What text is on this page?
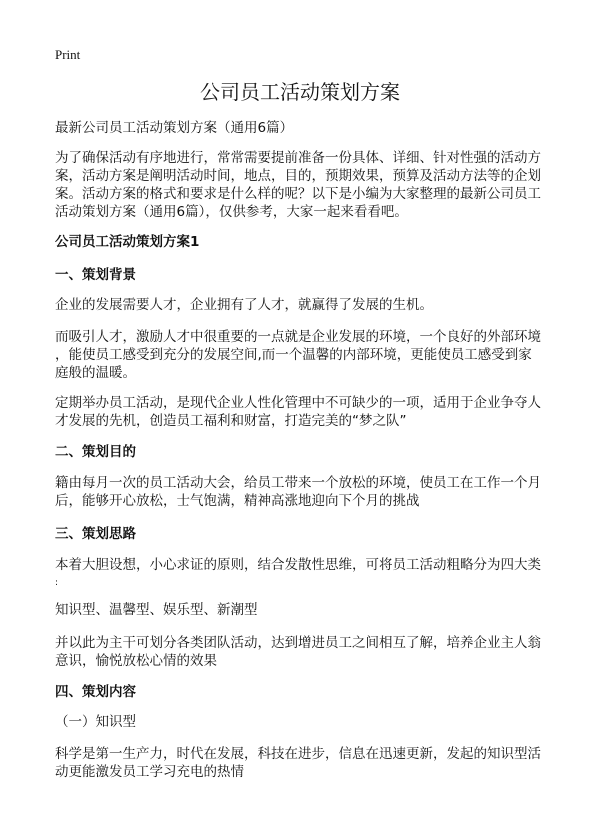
Print
公司员工活动策划方案
最新公司员工活动策划方案（通用6篇）
为了确保活动有序地进行，常常需要提前准备一份具体、详细、针对性强的活动方
案，活动方案是阐明活动时间，地点，目的，预期效果，预算及活动方法等的企划
案。活动方案的格式和要求是什么样的呢？以下是小编为大家整理的最新公司员工
活动策划方案（通用6篇），仅供参考，大家一起来看看吧。
公司员工活动策划方案1
一、策划背景
企业的发展需要人才，企业拥有了人才，就赢得了发展的生机。
而吸引人才，激励人才中很重要的一点就是企业发展的环境，一个良好的外部环境
，能使员工感受到充分的发展空间,而一个温馨的内部环境，更能使员工感受到家
庭般的温暖。
定期举办员工活动，是现代企业人性化管理中不可缺少的一项，适用于企业争夺人
才发展的先机，创造员工福利和财富，打造完美的“梦之队”
二、策划目的
籍由每月一次的员工活动大会，给员工带来一个放松的环境，使员工在工作一个月
后，能够开心放松，士气饱满，精神高涨地迎向下个月的挑战
三、策划思路
本着大胆设想，小心求证的原则，结合发散性思维，可将员工活动粗略分为四大类
:
知识型、温馨型、娱乐型、新潮型
并以此为主干可划分各类团队活动，达到增进员工之间相互了解，培养企业主人翁
意识，愉悦放松心情的效果
四、策划内容
（一）知识型
科学是第一生产力，时代在发展，科技在进步，信息在迅速更新，发起的知识型活
动更能激发员工学习充电的热情
